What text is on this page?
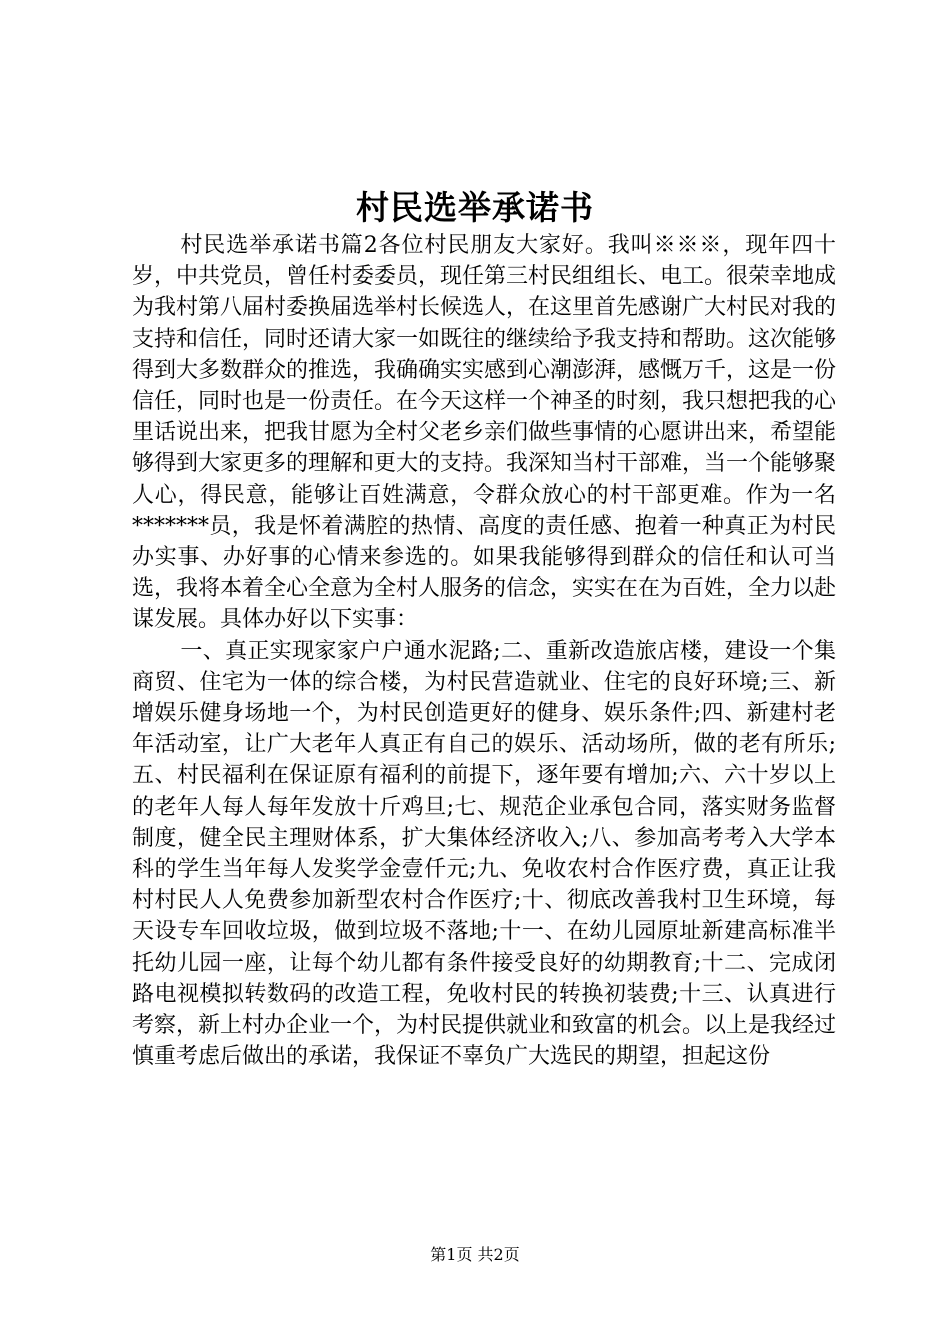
村民选举承诺书

村民选举承诺书篇2各位村民朋友大家好。我叫※※※，现年四十岁，中共党员，曾任村委委员，现任第三村民组组长、电工。很荣幸地成为我村第八届村委换届选举村长候选人，在这里首先感谢广大村民对我的支持和信任，同时还请大家一如既往的继续给予我支持和帮助。这次能够得到大多数群众的推选，我确确实实感到心潮澎湃，感慨万千，这是一份信任，同时也是一份责任。在今天这样一个神圣的时刻，我只想把我的心里话说出来，把我甘愿为全村父老乡亲们做些事情的心愿讲出来，希望能够得到大家更多的理解和更大的支持。我深知当村干部难，当一个能够聚人心，得民意，能够让百姓满意，令群众放心的村干部更难。作为一名*******员，我是怀着满腔的热情、高度的责任感、抱着一种真正为村民办实事、办好事的心情来参选的。如果我能够得到群众的信任和认可当选，我将本着全心全意为全村人服务的信念，实实在在为百姓，全力以赴谋发展。具体办好以下实事：

一、真正实现家家户户通水泥路;二、重新改造旅店楼，建设一个集商贸、住宅为一体的综合楼，为村民营造就业、住宅的良好环境;三、新增娱乐健身场地一个，为村民创造更好的健身、娱乐条件;四、新建村老年活动室，让广大老年人真正有自己的娱乐、活动场所，做的老有所乐;五、村民福利在保证原有福利的前提下，逐年要有增加;六、六十岁以上的老年人每人每年发放十斤鸡旦;七、规范企业承包合同，落实财务监督制度，健全民主理财体系，扩大集体经济收入;八、参加高考考入大学本科的学生当年每人发奖学金壹仟元;九、免收农村合作医疗费，真正让我村村民人人免费参加新型农村合作医疗;十、彻底改善我村卫生环境，每天设专车回收垃圾，做到垃圾不落地;十一、在幼儿园原址新建高标准半托幼儿园一座，让每个幼儿都有条件接受良好的幼期教育;十二、完成闭路电视模拟转数码的改造工程，免收村民的转换初装费;十三、认真进行考察，新上村办企业一个，为村民提供就业和致富的机会。以上是我经过慎重考虑后做出的承诺，我保证不辜负广大选民的期望，担起这份

第1页 共2页
